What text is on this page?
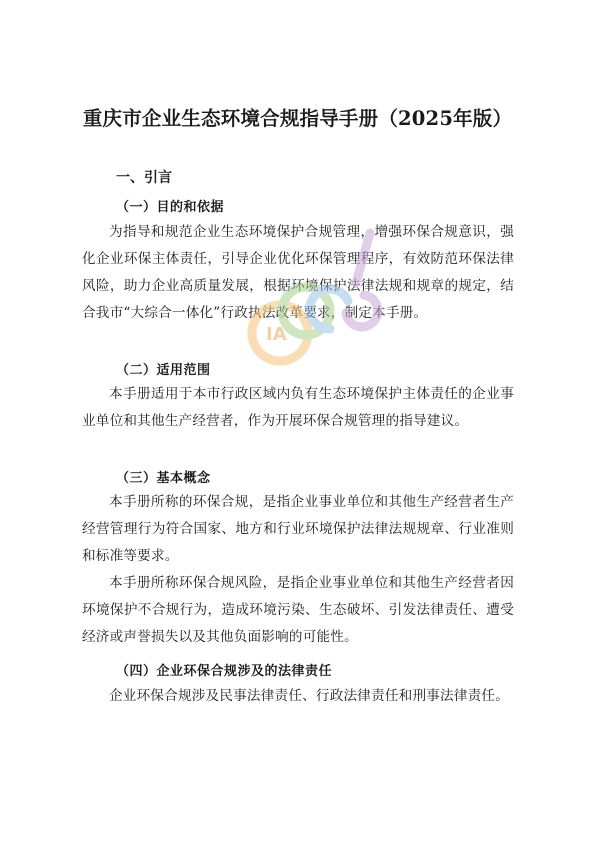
重庆市企业生态环境合规指导手册（2025年版）
一、引言
（一）目的和依据

为指导和规范企业生态环境保护合规管理，增强环保合规意识，强化企业环保主体责任，引导企业优化环保管理程序，有效防范环保法律风险，助力企业高质量发展，根据环境保护法律法规和规章的规定，结合我市“大综合一体化”行政执法改革要求，制定本手册。

（二）适用范围

本手册适用于本市行政区域内负有生态环境保护主体责任的企业事业单位和其他生产经营者，作为开展环保合规管理的指导建议。

（三）基本概念

本手册所称的环保合规，是指企业事业单位和其他生产经营者生产经营管理行为符合国家、地方和行业环境保护法律法规规章、行业准则和标准等要求。

本手册所称环保合规风险，是指企业事业单位和其他生产经营者因环境保护不合规行为，造成环境污染、生态破坏、引发法律责任、遭受经济或声誉损失以及其他负面影响的可能性。

（四）企业环保合规涉及的法律责任

企业环保合规涉及民事法律责任、行政法律责任和刑事法律责任。

IA
